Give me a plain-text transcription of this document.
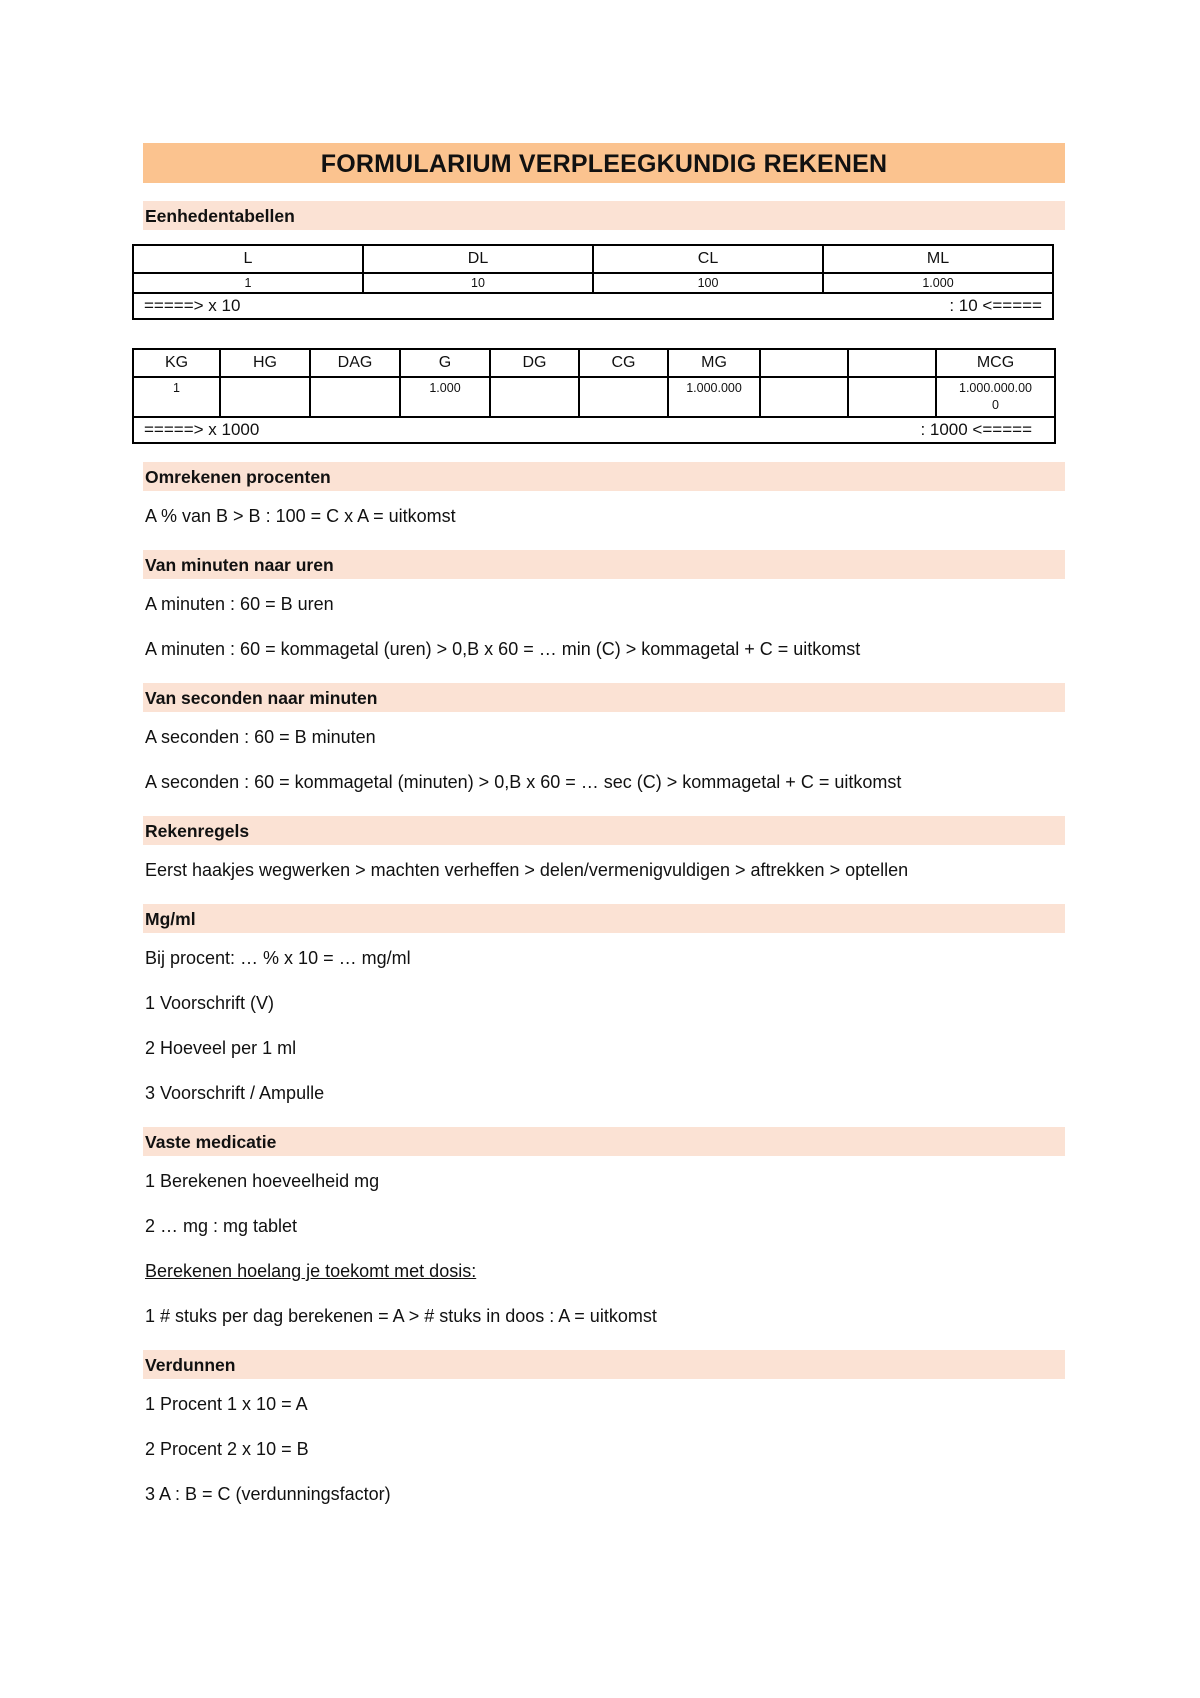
FORMULARIUM VERPLEEGKUNDIG REKENEN
Eenhedentabellen
L	DL	CL	ML
1	10	100	1.000

=====> x 10 : 10 <=====			
KG	HG	DAG	G	DG	CG	MG			MCG
1			1.000			1.000.000			1.000.000.00
0

=====> x 1000 : 1000 <=====									
Omrekenen procenten
A % van B > B : 100 = C x A = uitkomst
Van minuten naar uren
A minuten : 60 = B uren
A minuten : 60 = kommagetal (uren) > 0,B x 60 = … min (C) > kommagetal + C = uitkomst
Van seconden naar minuten
A seconden : 60 = B minuten
A seconden : 60 = kommagetal (minuten) > 0,B x 60 = … sec (C) > kommagetal + C = uitkomst
Rekenregels
Eerst haakjes wegwerken > machten verheffen > delen/vermenigvuldigen > aftrekken > optellen
Mg/ml
Bij procent: … % x 10 = … mg/ml
1 Voorschrift (V)
2 Hoeveel per 1 ml
3 Voorschrift / Ampulle
Vaste medicatie
1 Berekenen hoeveelheid mg
2 … mg : mg tablet
Berekenen hoelang je toekomt met dosis:
1 # stuks per dag berekenen = A > # stuks in doos : A = uitkomst
Verdunnen
1 Procent 1 x 10 = A
2 Procent 2 x 10 = B
3 A : B = C (verdunningsfactor)
